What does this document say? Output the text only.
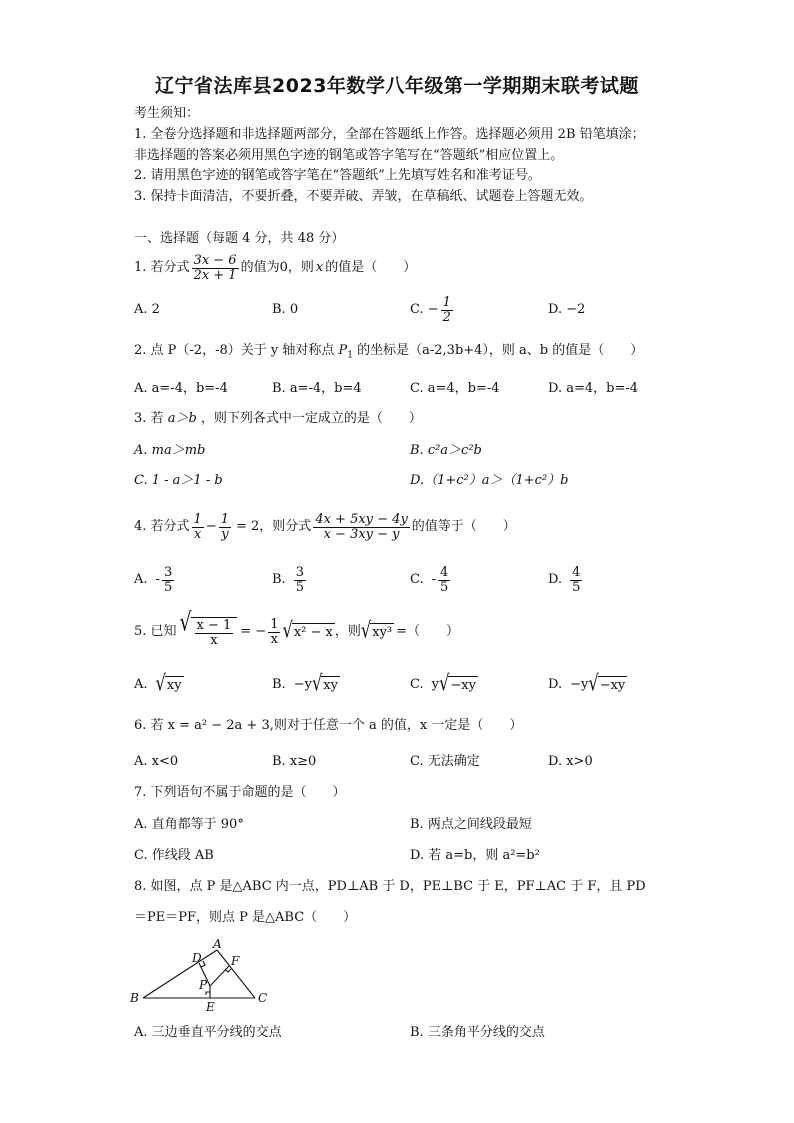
辽宁省法库县2023年数学八年级第一学期期末联考试题
考生须知：
1. 全卷分选择题和非选择题两部分，全部在答题纸上作答。选择题必须用 2B 铅笔填涂；
非选择题的答案必须用黑色字迹的钢笔或答字笔写在“答题纸”相应位置上。
2. 请用黑色字迹的钢笔或答字笔在“答题纸”上先填写姓名和准考证号。
3. 保持卡面清洁，不要折叠，不要弄破、弄皱，在草稿纸、试题卷上答题无效。
一、选择题（每题 4 分，共 48 分）
1. 若分式 $\frac{3x - 6}{2x + 1}$ 的值为0，则 x 的值是（　　）
A. 2	B. 0	C. − $\frac{1}{2}$	D. −2
2. 点 P（-2，-8）关于 y 轴对称点 $P_1$ 的坐标是（a-2,3b+4），则 a、b 的值是（　　）
A. a=-4，b=-4	B. a=-4，b=4	C. a=4，b=-4	D. a=4，b=-4
3. 若 a＞b ，则下列各式中一定成立的是（　　）
A. ma＞mb	B. c²a＞c²b
C. 1 - a＞1 - b	D.（1+c²）a＞（1+c²）b
4. 若分式 $\frac{1}{x} - \frac{1}{y} = 2$，则分式 $\frac{4x + 5xy - 4y}{x - 3xy - y}$ 的值等于（　　）
A. - $\frac{3}{5}$	B. $\frac{3}{5}$	C. - $\frac{4}{5}$	D. $\frac{4}{5}$
5. 已知 √ $\frac{x - 1}{x}$ = − $\frac{1}{x}$ √ x² − x ，则 √ xy³ =（　　）
A. √ xy	B. −y √ xy	C. y √ −xy	D. −y √ −xy
6. 若 x = a² − 2a + 3,则对于任意一个 a 的值，x 一定是（　　）
A. x<0	B. x≥0	C. 无法确定	D. x>0
7. 下列语句不属于命题的是（　　）
A. 直角都等于 90°	B. 两点之间线段最短
C. 作线段 AB	D. 若 a=b，则 a²=b²
8. 如图，点 P 是△ABC 内一点，PD⊥AB 于 D，PE⊥BC 于 E，PF⊥AC 于 F，且 PD
＝PE＝PF，则点 P 是△ABC（　　）
A
B	C
D
E
F
P
A. 三边垂直平分线的交点	B. 三条角平分线的交点
